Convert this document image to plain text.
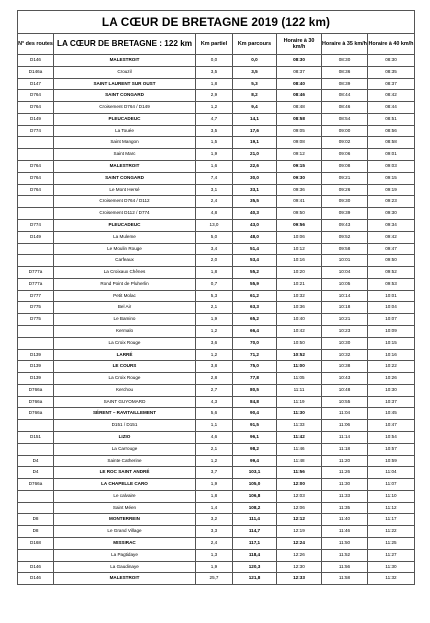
LA CŒUR DE BRETAGNE 2019 (122 km)						
N° des routes	LA CŒUR DE BRETAGNE : 122 km	Km partiel	Km parcours	Horaire à 30 km/h	Horaire à 35 km/h	Horaire à 40 km/h
D146	MALESTROIT	0,0	0,0	08:30	08:30	08:30
D146a	Crouzil	3,5	3,5	08:37	08:36	08:35
D147	SAINT LAURENT SUR OUST	1,8	5,3	08:40	08:39	08:37
D764	SAINT CONGARD	2,9	8,2	08:46	08:44	08:42
D764	Croisement D764 / D149	1,2	9,4	08:48	08:46	08:44
D149	PLEUCADEUC	4,7	14,1	08:58	08:54	08:51
D774	La Touée	3,5	17,6	09:05	09:00	08:56
	Saint Mangon	1,5	19,1	09:08	09:02	08:58
	Saint Marc	1,9	21,0	09:12	09:06	09:01
D764	MALESTROIT	1,6	22,6	09:15	09:08	09:03
D764	SAINT CONGARD	7,4	30,0	09:30	09:21	09:15
D764	Le Mont Hersé	3,1	33,1	09:36	09:26	09:19
	Croisement D764 / D112	2,4	35,5	09:41	09:30	09:23
	Croisement D112 / D774	4,8	40,3	09:50	09:39	09:30
D774	PLEUCADEUC	13,0	43,0	09:56	09:43	09:34
D149	La Muleme	5,0	48,0	10:06	09:52	09:42
	Le Moulin Rouge	3,4	51,4	10:12	09:58	09:47
	Carfeaux	2,0	53,4	10:16	10:01	09:50
D777a	La Croixaux Chênes	1,8	55,2	10:20	10:04	09:52
D777a	Rond Point de Pluherlin	0,7	55,9	10:21	10:05	09:53
D777	Petit Molac	5,3	61,2	10:32	10:14	10:01
D775	Bel Air	2,1	63,3	10:36	10:18	10:04
D775	Le Bamino	1,9	65,2	10:40	10:21	10:07
	Kermalo	1,2	66,4	10:42	10:23	10:09
	La Croix Rouge	3,6	70,0	10:50	10:30	10:15
D139	LARRÉ	1,2	71,2	10:52	10:32	10:16
D139	LE COURS	3,8	75,0	11:00	10:38	10:22
D139	La Croix Rouge	2,8	77,8	11:05	10:43	10:26
D766a	Kerchou	2,7	80,5	11:11	10:48	10:30
D766a	SAINT GUYOMARD	4,3	84,8	11:19	10:55	10:37
D766a	SÉRENT – RAVITAILLEMENT	5,6	90,4	11:30	11:04	10:45
	D151 / D151	1,1	91,5	11:33	11:06	10:47
D151	LIZIO	4,6	96,1	11:42	11:14	10:54
	La Carrouge	2,1	98,2	11:46	11:18	10:57
D4	Sainte Catherine	1,2	99,4	11:48	11:20	10:59
D4	LE ROC SAINT ANDRÉ	3,7	103,1	11:56	11:26	11:04
D766a	LA CHAPELLE CARO	1,9	105,0	12:00	11:30	11:07
	Le calvaire	1,8	106,8	12:03	11:33	11:10
	Saint Méen	1,4	108,2	12:06	11:35	11:12
D8	MONTERREIN	3,2	111,4	12:12	11:40	11:17
D8	Le Grand Village	3,3	114,7	12:19	11:46	11:22
D168	MISSIRAC	2,4	117,1	12:24	11:50	11:25
	La Pagtidaye	1,3	118,4	12:26	11:52	11:27
D146	La Gaudinaye	1,9	120,3	12:30	11:56	11:30
D146	MALESTROIT	25,7	121,8	12:33	11:58	11:32
